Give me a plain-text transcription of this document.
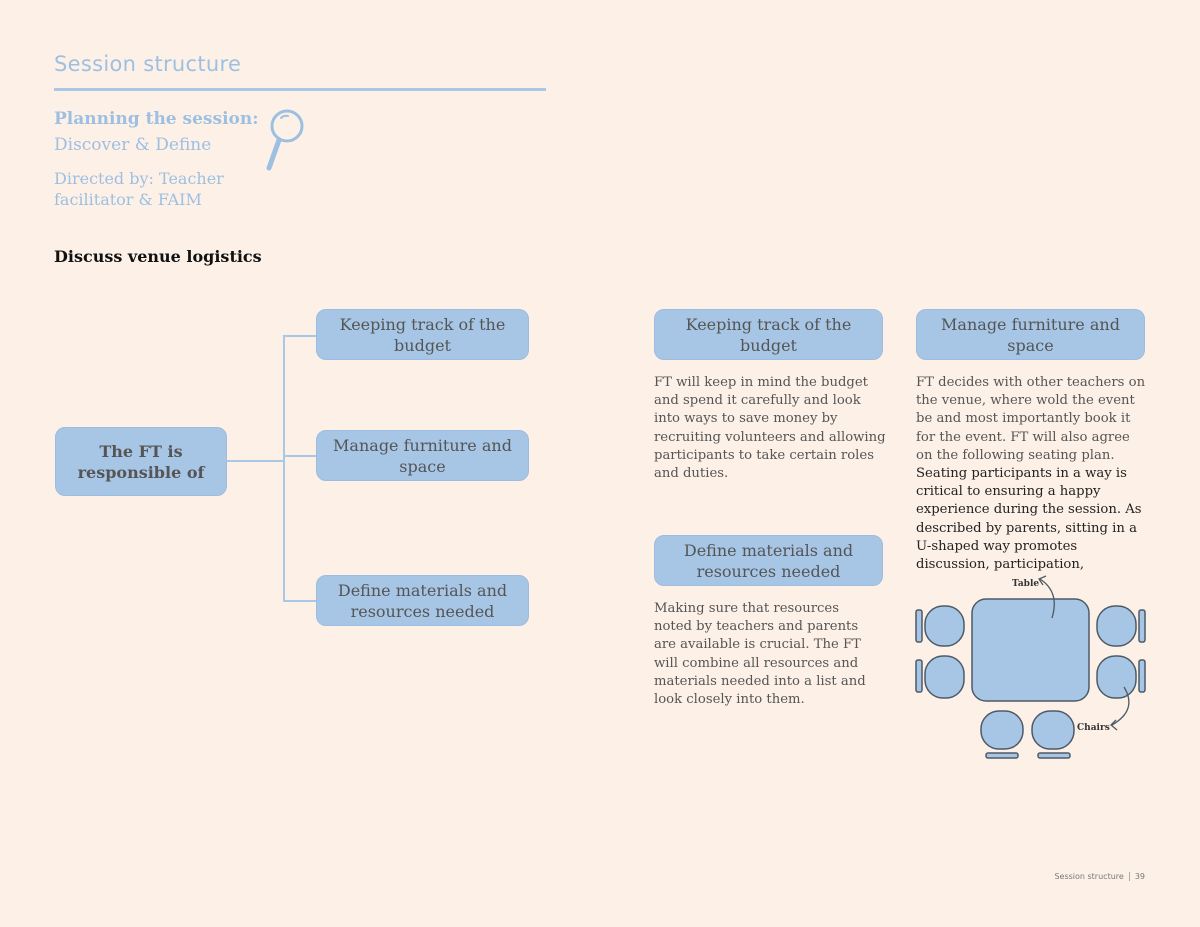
Session structure
Planning the session:
Discover & Define
Directed by: Teacher facilitator & FAIM
Discuss venue logistics
The FT is responsible of
Keeping track of the budget
Manage furniture and space
Define materials and resources needed
Keeping track of the budget
FT will keep in mind the budget and spend it carefully and look into ways to save money by recruiting volunteers and allowing participants to take certain roles and duties.
Define materials and resources needed
Making sure that resources noted by teachers and parents are available is crucial. The FT will combine all resources and materials needed into a list and look closely into them.
Manage furniture and space
FT decides with other teachers on the venue, where wold the event be and most importantly book it for the event. FT will also agree on the following seating plan. Seating participants in a way is critical to ensuring a happy experience during the session. As described by parents, sitting in a U-shaped way promotes discussion, participation,
Table
Chairs
Session structure 39
